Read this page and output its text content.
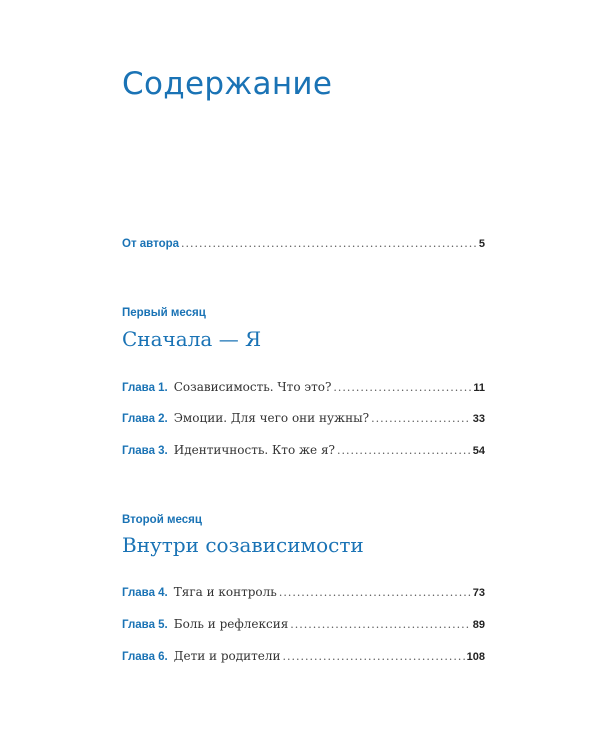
Содержание
От автора .....	5
Первый месяц
Сначала — Я
Глава 1. Созависимость. Что это? .....	11
Глава 2. Эмоции. Для чего они нужны? .....	33
Глава 3. Идентичность. Кто же я? .....	54
Второй месяц
Внутри созависимости
Глава 4. Тяга и контроль .....	73
Глава 5. Боль и рефлексия .....	89
Глава 6. Дети и родители .....	108
